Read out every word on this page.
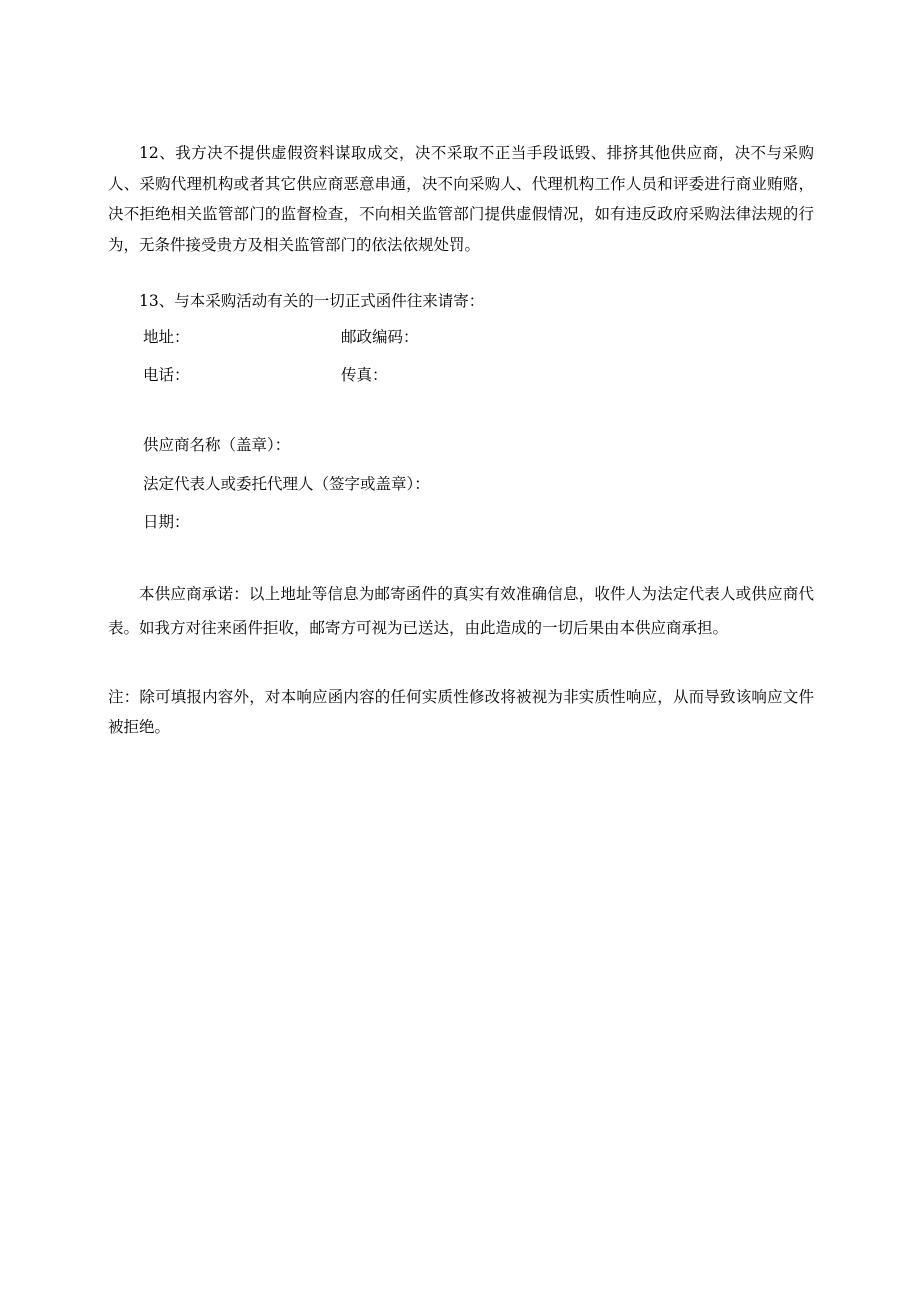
12、我方决不提供虚假资料谋取成交，决不采取不正当手段诋毁、排挤其他供应商，决不与采购人、采购代理机构或者其它供应商恶意串通，决不向采购人、代理机构工作人员和评委进行商业贿赂，决不拒绝相关监管部门的监督检查，不向相关监管部门提供虚假情况，如有违反政府采购法律法规的行为，无条件接受贵方及相关监管部门的依法依规处罚。

13、与本采购活动有关的一切正式函件往来请寄：

地址：	邮政编码：
电话：	传真：
供应商名称（盖章）：
法定代表人或委托代理人（签字或盖章）：
日期：

本供应商承诺：以上地址等信息为邮寄函件的真实有效准确信息，收件人为法定代表人或供应商代表。如我方对往来函件拒收，邮寄方可视为已送达，由此造成的一切后果由本供应商承担。

注：除可填报内容外，对本响应函内容的任何实质性修改将被视为非实质性响应，从而导致该响应文件被拒绝。
